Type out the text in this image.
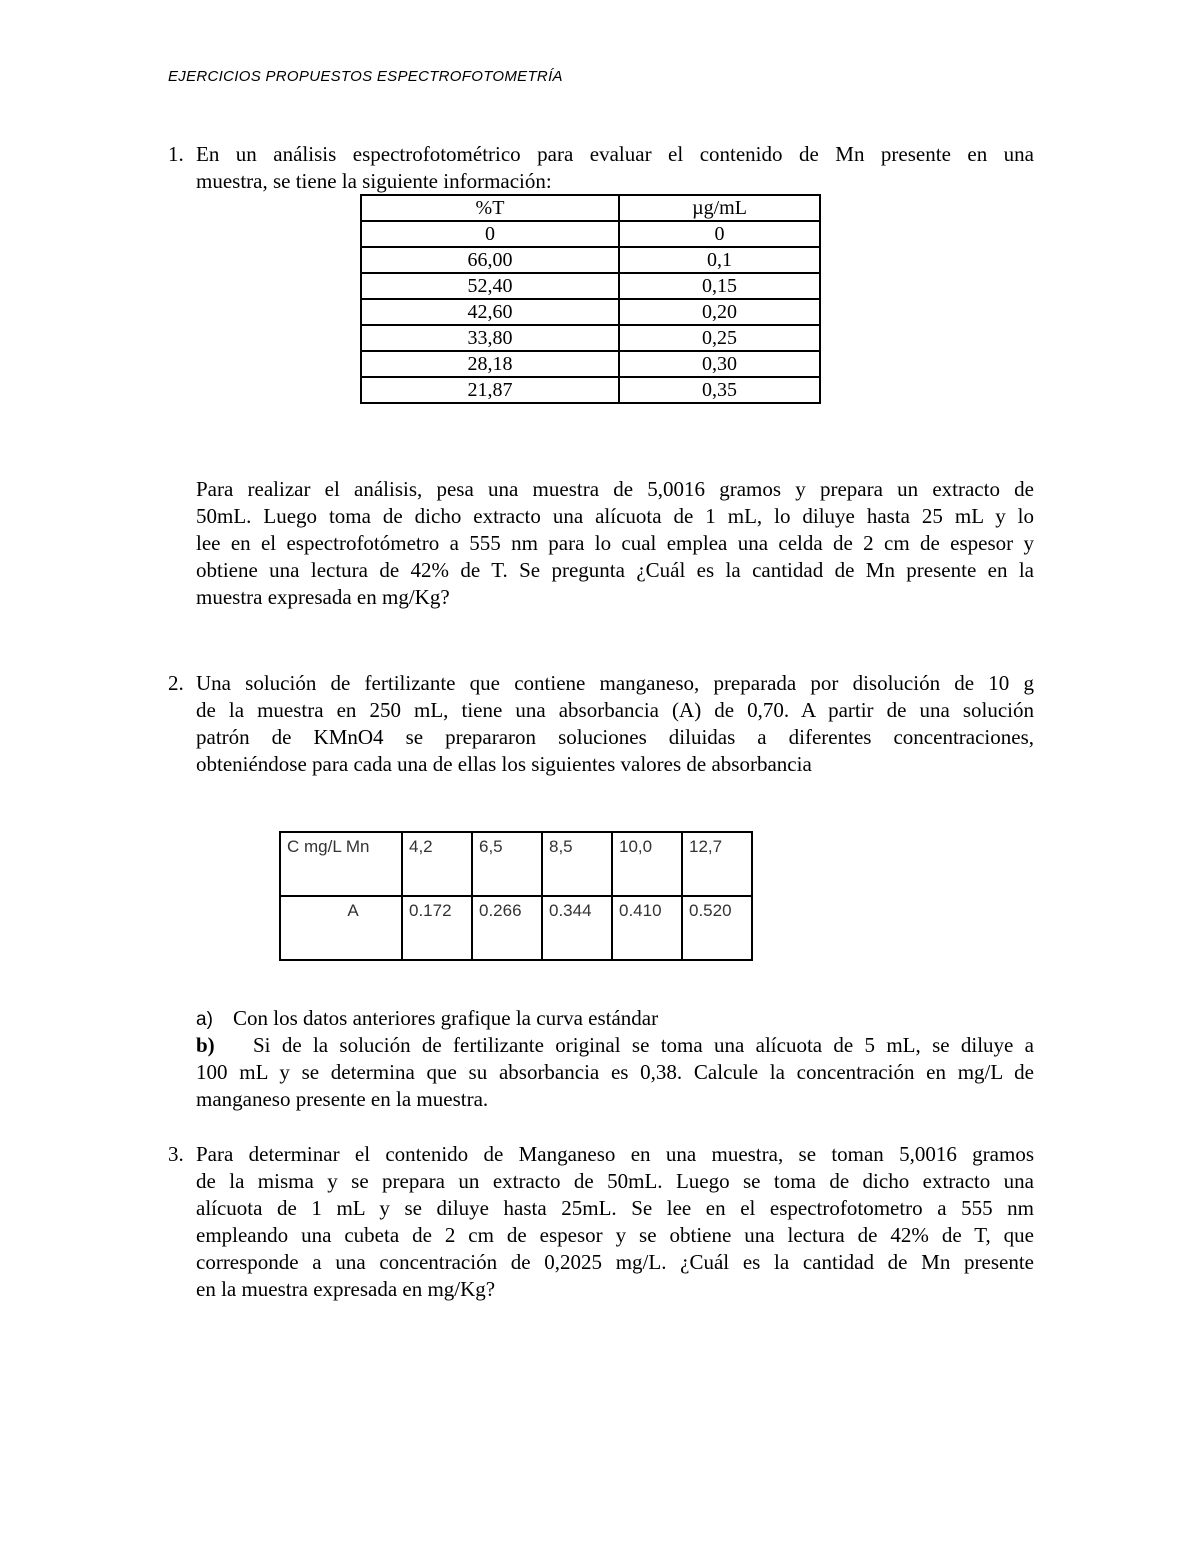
EJERCICIOS PROPUESTOS ESPECTROFOTOMETRÍA
1. En un análisis espectrofotométrico para evaluar el contenido de Mn presente en una
muestra, se tiene la siguiente información:
%T	µg/mL
0	0
66,00	0,1
52,40	0,15
42,60	0,20
33,80	0,25
28,18	0,30
21,87	0,35
Para realizar el análisis, pesa una muestra de 5,0016 gramos y prepara un extracto de
50mL. Luego toma de dicho extracto una alícuota de 1 mL, lo diluye hasta 25 mL y lo
lee en el espectrofotómetro a 555 nm para lo cual emplea una celda de 2 cm de espesor y
obtiene una lectura de 42% de T. Se pregunta ¿Cuál es la cantidad de Mn presente en la
muestra expresada en mg/Kg?
2. Una solución de fertilizante que contiene manganeso, preparada por disolución de 10 g
de la muestra en 250 mL, tiene una absorbancia (A) de 0,70. A partir de una solución
patrón de KMnO4 se prepararon soluciones diluidas a diferentes concentraciones,
obteniéndose para cada una de ellas los siguientes valores de absorbancia
C mg/L Mn	4,2	6,5	8,5	10,0	12,7
A	0.172	0.266	0.344	0.410	0.520
a) Con los datos anteriores grafique la curva estándar
b) Si de la solución de fertilizante original se toma una alícuota de 5 mL, se diluye a
100 mL y se determina que su absorbancia es 0,38. Calcule la concentración en mg/L de
manganeso presente en la muestra.
3. Para determinar el contenido de Manganeso en una muestra, se toman 5,0016 gramos
de la misma y se prepara un extracto de 50mL. Luego se toma de dicho extracto una
alícuota de 1 mL y se diluye hasta 25mL. Se lee en el espectrofotometro a 555 nm
empleando una cubeta de 2 cm de espesor y se obtiene una lectura de 42% de T, que
corresponde a una concentración de 0,2025 mg/L. ¿Cuál es la cantidad de Mn presente
en la muestra expresada en mg/Kg?
